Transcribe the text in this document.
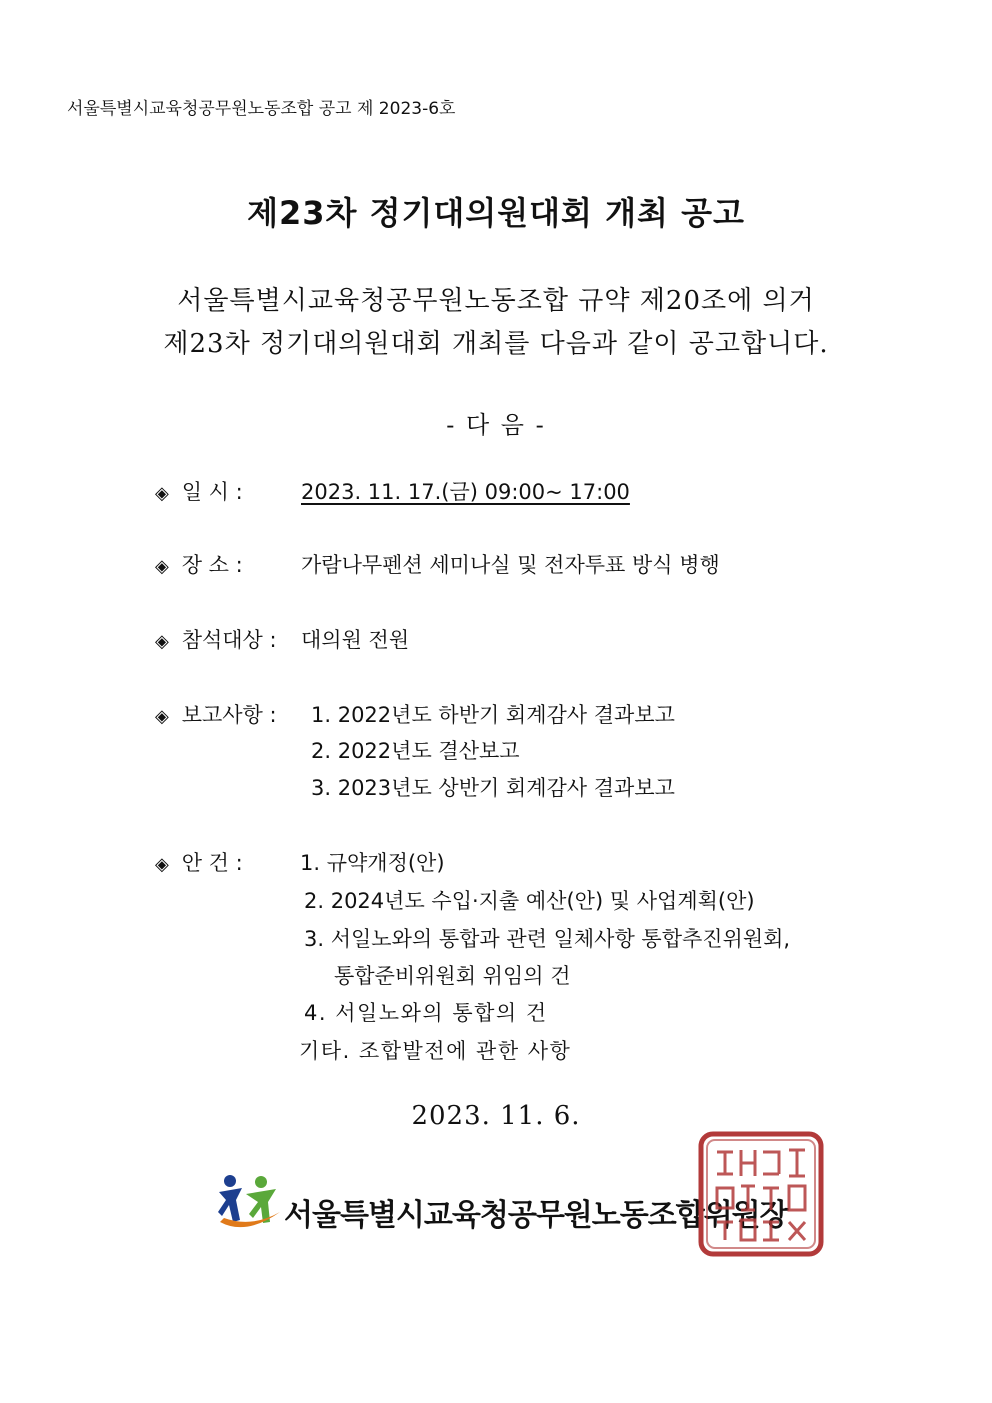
서울특별시교육청공무원노동조합 공고 제 2023-6호
제23차 정기대의원대회 개최 공고
서울특별시교육청공무원노동조합 규약 제20조에 의거
제23차 정기대의원대회 개최를 다음과 같이 공고합니다.
- 다 음 -
◈ 일 시 :	2023. 11. 17.(금) 09:00~ 17:00
◈ 장 소 :	가람나무펜션 세미나실 및 전자투표 방식 병행
◈ 참석대상 : 대의원 전원
◈ 보고사항 : 1. 2022년도 하반기 회계감사 결과보고
2. 2022년도 결산보고
3. 2023년도 상반기 회계감사 결과보고
◈ 안 건 :	1. 규약개정(안)
2. 2024년도 수입·지출 예산(안) 및 사업계획(안)
3. 서일노와의 통합과 관련 일체사항 통합추진위원회,
통합준비위원회 위임의 건
4. 서일노와의 통합의 건
기타. 조합발전에 관한 사항
2023. 11. 6.
서울특별시교육청공무원노동조합위원장
